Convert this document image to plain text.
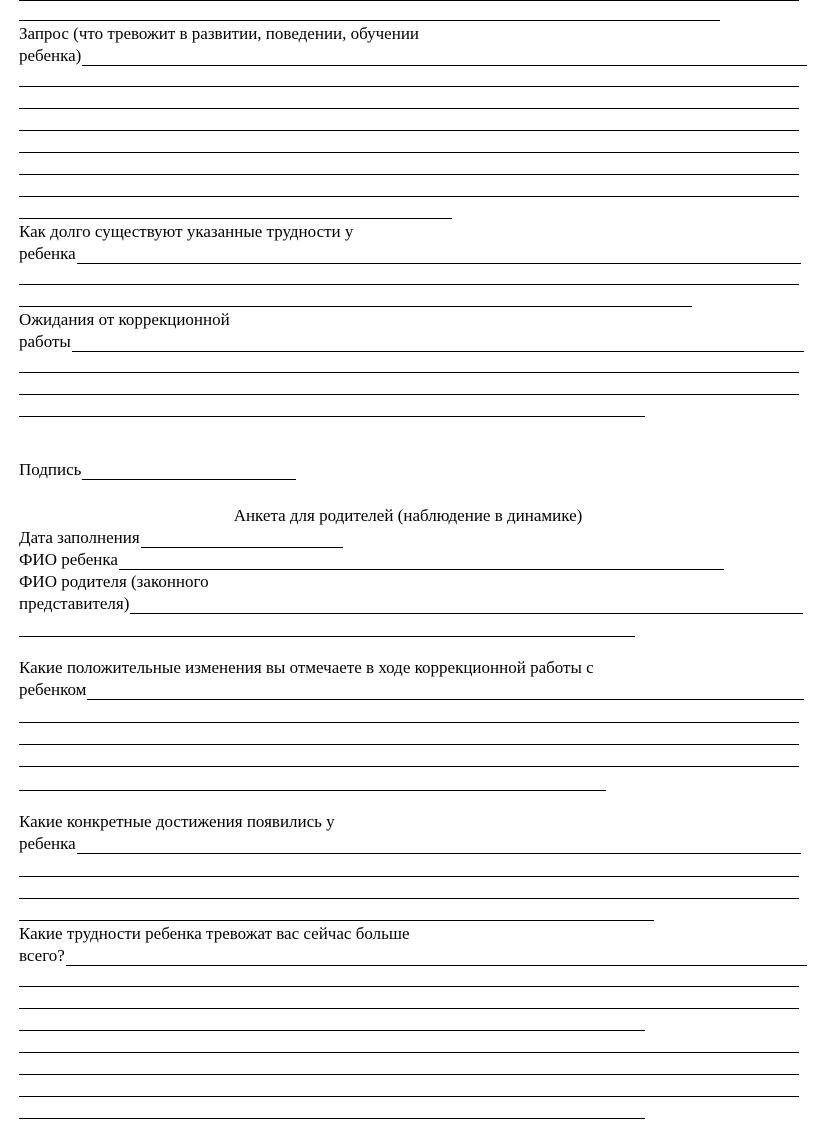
Запрос (что тревожит в развитии, поведении, обучении
ребенка)
Как долго существуют указанные трудности у
ребенка
Ожидания от коррекционной
работы
Подпись
Анкета для родителей (наблюдение в динамике)
Дата заполнения
ФИО ребенка
ФИО родителя (законного
представителя)
Какие положительные изменения вы отмечаете в ходе коррекционной работы с
ребенком
Какие конкретные достижения появились у
ребенка
Какие трудности ребенка тревожат вас сейчас больше
всего?
